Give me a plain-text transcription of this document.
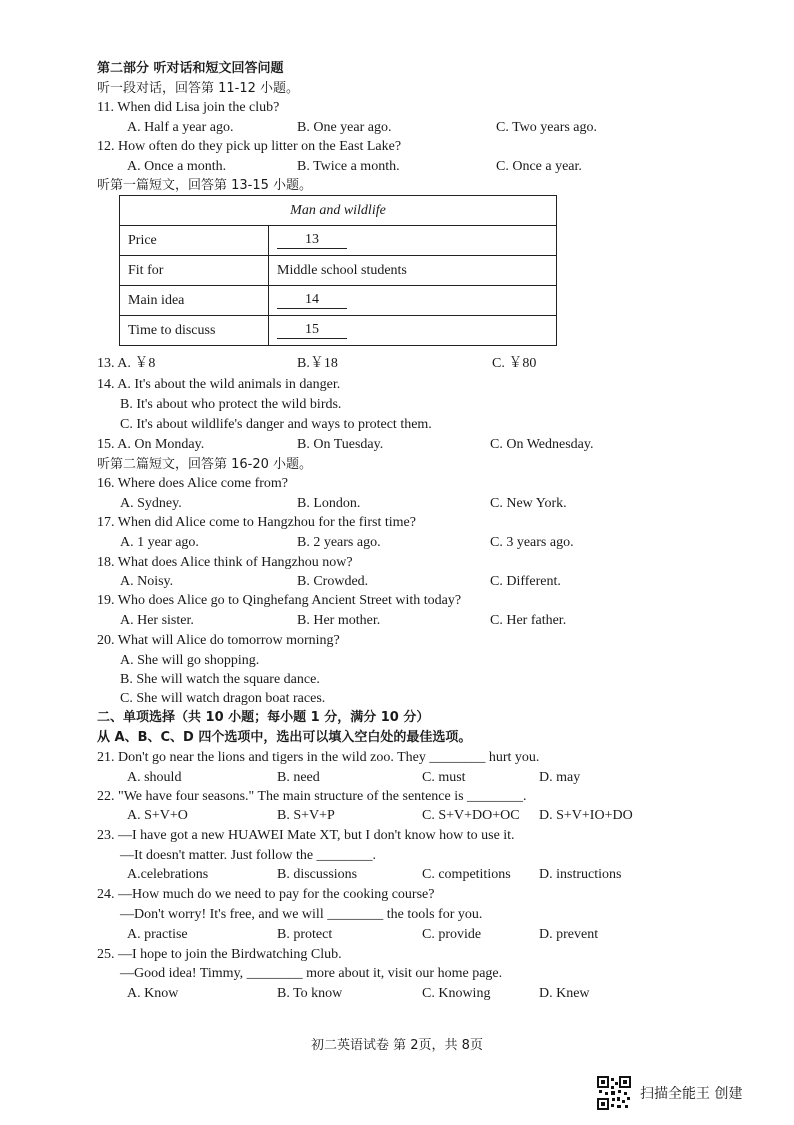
第二部分 听对话和短文回答问题
听一段对话，回答第 11-12 小题。
11. When did Lisa join the club?
A. Half a year ago.	B. One year ago.	C. Two years ago.
12. How often do they pick up litter on the East Lake?
A. Once a month.	B. Twice a month.	C. Once a year.
听第一篇短文，回答第 13-15 小题。
Man and wildlife	
Price	13
Fit for	Middle school students
Main idea	14
Time to discuss	15
13. A. ￥8	B.￥18	C. ￥80
14. A. It's about the wild animals in danger.
B. It's about who protect the wild birds.
C. It's about wildlife's danger and ways to protect them.
15. A. On Monday.	B. On Tuesday.	C. On Wednesday.
听第二篇短文，回答第 16-20 小题。
16. Where does Alice come from?
A. Sydney.	B. London.	C. New York.
17. When did Alice come to Hangzhou for the first time?
A. 1 year ago.	B. 2 years ago.	C. 3 years ago.
18. What does Alice think of Hangzhou now?
A. Noisy.	B. Crowded.	C. Different.
19. Who does Alice go to Qinghefang Ancient Street with today?
A. Her sister.	B. Her mother.	C. Her father.
20. What will Alice do tomorrow morning?
A. She will go shopping.
B. She will watch the square dance.
C. She will watch dragon boat races.
二、单项选择（共 10 小题；每小题 1 分，满分 10 分）
从 A、B、C、D 四个选项中，选出可以填入空白处的最佳选项。
21. Don't go near the lions and tigers in the wild zoo. They ________ hurt you.
A. should	B. need	C. must	D. may
22. "We have four seasons." The main structure of the sentence is ________.
A. S+V+O	B. S+V+P	C. S+V+DO+OC D. S+V+IO+DO
23. —I have got a new HUAWEI Mate XT, but I don't know how to use it.
—It doesn't matter. Just follow the ________.
A.celebrations	B. discussions	C. competitions D. instructions
24. —How much do we need to pay for the cooking course?
—Don't worry! It's free, and we will ________ the tools for you.
A. practise	B. protect	C. provide	D. prevent
25. —I hope to join the Birdwatching Club.
—Good idea! Timmy, ________ more about it, visit our home page.
A. Know	B. To know	C. Knowing	D. Knew
初二英语试卷 第 2页，共 8页
扫描全能王 创建
